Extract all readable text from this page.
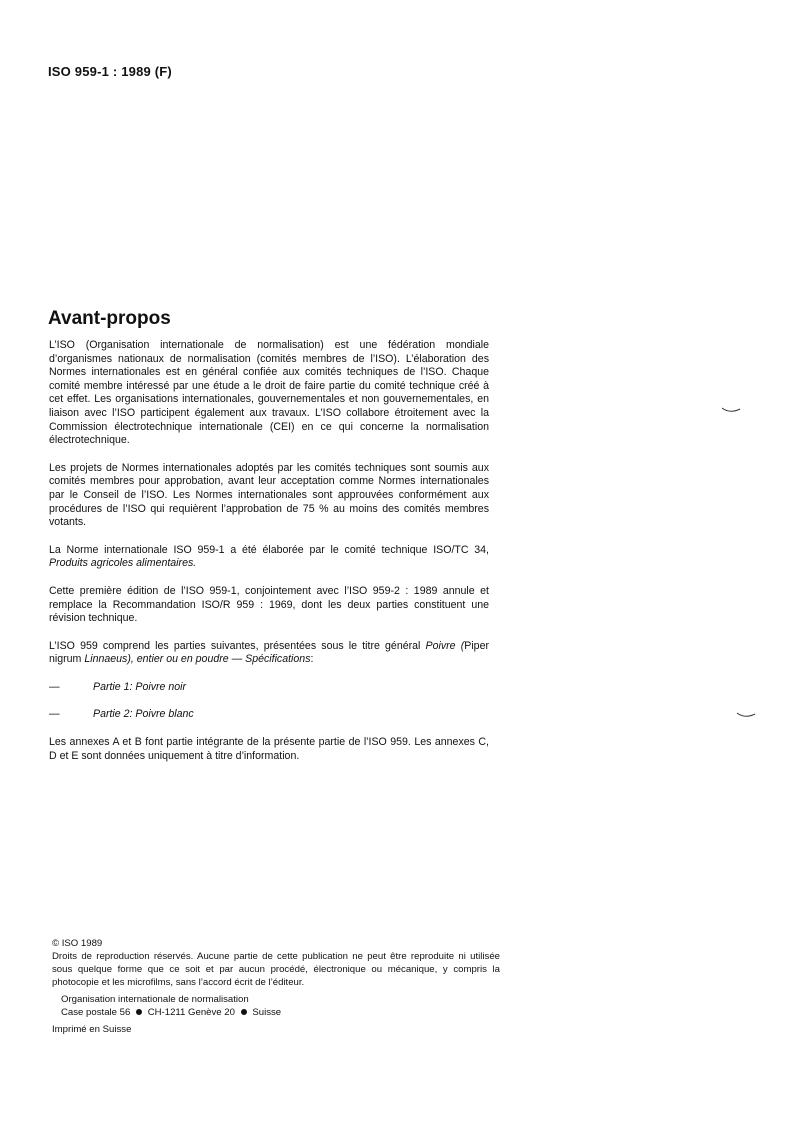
ISO 959-1 : 1989 (F)
Avant-propos

L’ISO (Organisation internationale de normalisation) est une fédération mondiale d’organismes nationaux de normalisation (comités membres de l’ISO). L’élaboration des Normes internationales est en général confiée aux comités techniques de l’ISO. Chaque comité membre intéressé par une étude a le droit de faire partie du comité technique créé à cet effet. Les organisations internationales, gouvernementales et non gouvernementales, en liaison avec l’ISO participent également aux travaux. L’ISO collabore étroitement avec la Commission électrotechnique internationale (CEI) en ce qui concerne la normalisation électrotechnique.

Les projets de Normes internationales adoptés par les comités techniques sont soumis aux comités membres pour approbation, avant leur acceptation comme Normes internationales par le Conseil de l’ISO. Les Normes internationales sont approuvées conformément aux procédures de l’ISO qui requièrent l’approbation de 75 % au moins des comités membres votants.

La Norme internationale ISO 959-1 a été élaborée par le comité technique ISO/TC 34, Produits agricoles alimentaires.

Cette première édition de l’ISO 959-1, conjointement avec l’ISO 959-2 : 1989 annule et remplace la Recommandation ISO/R 959 : 1969, dont les deux parties constituent une révision technique.

L’ISO 959 comprend les parties suivantes, présentées sous le titre général Poivre (Piper nigrum Linnaeus), entier ou en poudre — Spécifications:

—	Partie 1: Poivre noir
—	Partie 2: Poivre blanc

Les annexes A et B font partie intégrante de la présente partie de l’ISO 959. Les annexes C, D et E sont données uniquement à titre d’information.

© ISO 1989

Droits de reproduction réservés. Aucune partie de cette publication ne peut être reproduite ni utilisée sous quelque forme que ce soit et par aucun procédé, électronique ou mécanique, y compris la photocopie et les microfilms, sans l’accord écrit de l’éditeur.

Organisation internationale de normalisation

Case postale 56 CH-1211 Genève 20 Suisse

Imprimé en Suisse
